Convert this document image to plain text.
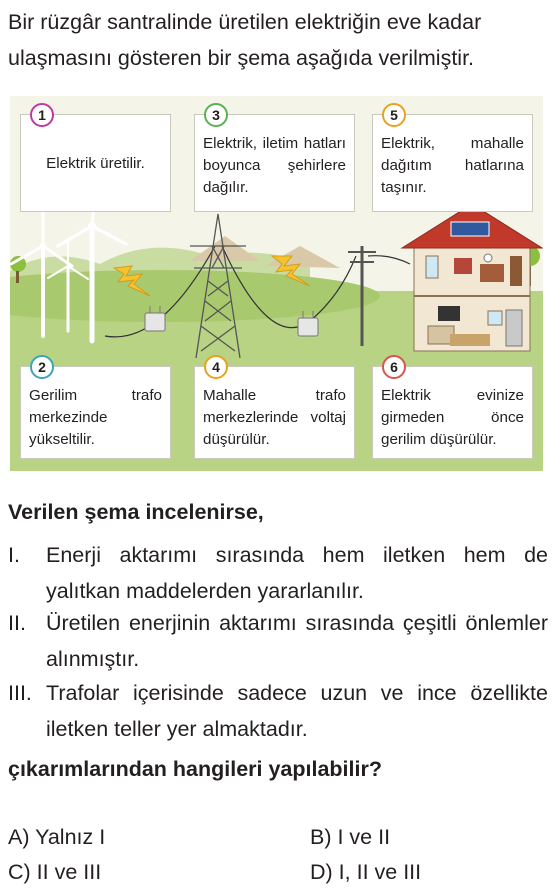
Bir rüzgâr santralinde üretilen elektriğin eve kadar ulaşmasını gösteren bir şema aşağıda verilmiştir.

1
Elektrik üretilir.
3
Elektrik, iletim hatları boyunca şehirlere dağılır.
5
Elektrik, mahalle dağıtım hatlarına taşınır.
2
Gerilim trafo merkezinde yükseltilir.
4
Mahalle trafo merkezlerinde voltaj düşürülür.
6
Elektrik evinize girmeden önce gerilim düşürülür.

Verilen şema incelenirse,

I. Enerji aktarımı sırasında hem iletken hem de yalıtkan maddelerden yararlanılır.
II. Üretilen enerjinin aktarımı sırasında çeşitli önlemler alınmıştır.
III. Trafolar içerisinde sadece uzun ve ince özellikte iletken teller yer almaktadır.

çıkarımlarından hangileri yapılabilir?

A) Yalnız I	B) I ve II
C) II ve III	D) I, II ve III
